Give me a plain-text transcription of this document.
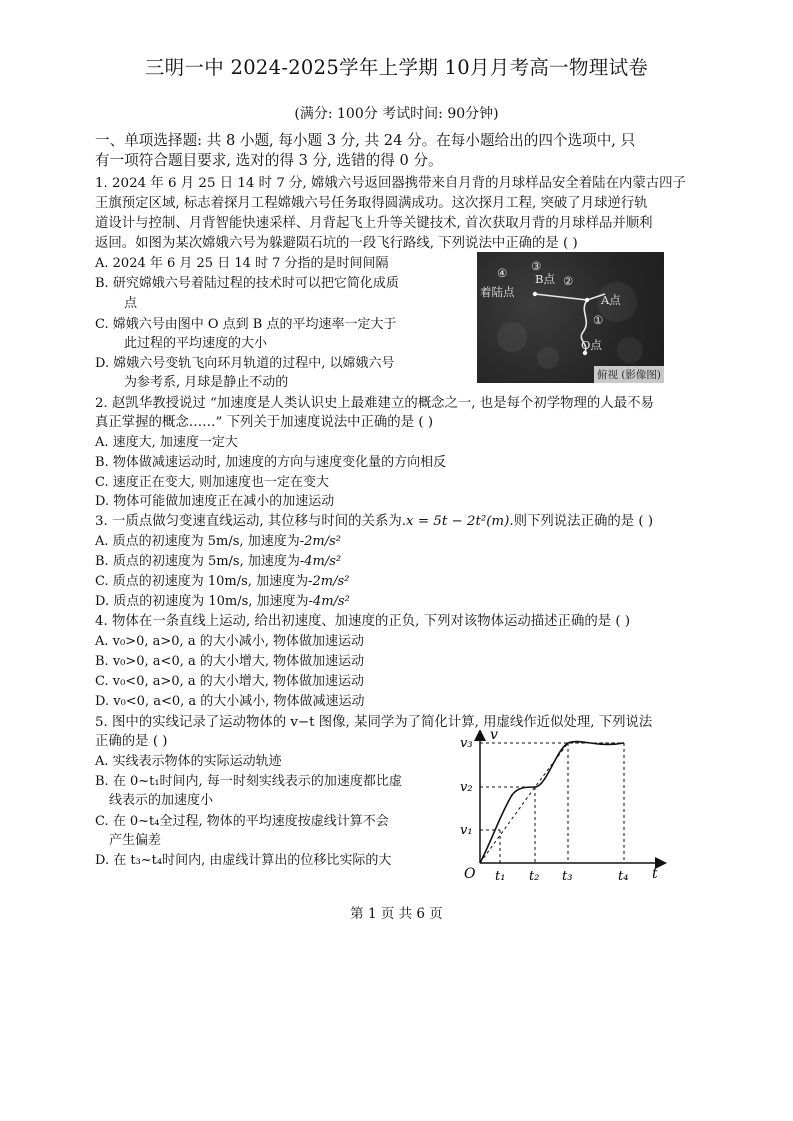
三明一中 2024-2025学年上学期 10月月考高一物理试卷
(满分: 100分 考试时间: 90分钟)
一、单项选择题: 共 8 小题, 每小题 3 分, 共 24 分。在每小题给出的四个选项中, 只
有一项符合题目要求, 选对的得 3 分, 选错的得 0 分。
1. 2024 年 6 月 25 日 14 时 7 分, 嫦娥六号返回器携带来自月背的月球样品安全着陆在内蒙古四子
王旗预定区域, 标志着探月工程嫦娥六号任务取得圆满成功。这次探月工程, 突破了月球逆行轨
道设计与控制、月背智能快速采样、月背起飞上升等关键技术, 首次获取月背的月球样品并顺利
返回。如图为某次嫦娥六号为躲避陨石坑的一段飞行路线, 下列说法中正确的是 ( )
A. 2024 年 6 月 25 日 14 时 7 分指的是时间间隔
B. 研究嫦娥六号着陆过程的技术时可以把它简化成质
点
C. 嫦娥六号由图中 O 点到 B 点的平均速率一定大于
此过程的平均速度的大小
D. 嫦娥六号变轨飞向环月轨道的过程中, 以嫦娥六号
为参考系, 月球是静止不动的
④ ③
B点 ②
着陆点
A点
①
O点
俯视 (影像图)
2. 赵凯华教授说过 “加速度是人类认识史上最难建立的概念之一, 也是每个初学物理的人最不易
真正掌握的概念……” 下列关于加速度说法中正确的是 ( )
A. 速度大, 加速度一定大
B. 物体做减速运动时, 加速度的方向与速度变化量的方向相反
C. 速度正在变大, 则加速度也一定在变大
D. 物体可能做加速度正在减小的加速运动
3. 一质点做匀变速直线运动, 其位移与时间的关系为.x = 5t − 2t²(m).则下列说法正确的是 ( )
A. 质点的初速度为 5m/s, 加速度为-2m/s²
B. 质点的初速度为 5m/s, 加速度为-4m/s²
C. 质点的初速度为 10m/s, 加速度为-2m/s²
D. 质点的初速度为 10m/s, 加速度为-4m/s²
4. 物体在一条直线上运动, 给出初速度、加速度的正负, 下列对该物体运动描述正确的是 ( )
A. v₀>0, a>0, a 的大小减小, 物体做加速运动
B. v₀>0, a<0, a 的大小增大, 物体做加速运动
C. v₀<0, a>0, a 的大小增大, 物体做加速运动
D. v₀<0, a<0, a 的大小减小, 物体做减速运动
5. 图中的实线记录了运动物体的 v−t 图像, 某同学为了简化计算, 用虚线作近似处理, 下列说法
正确的是 ( )
A. 实线表示物体的实际运动轨迹
B. 在 0~t₁时间内, 每一时刻实线表示的加速度都比虚
线表示的加速度小
C. 在 0~t₄全过程, 物体的平均速度按虚线计算不会
产生偏差
D. 在 t₃~t₄时间内, 由虚线计算出的位移比实际的大
v₃
v
v₂
v₁
O t₁ t₂ t₃	t₄ t
第 1 页 共 6 页
